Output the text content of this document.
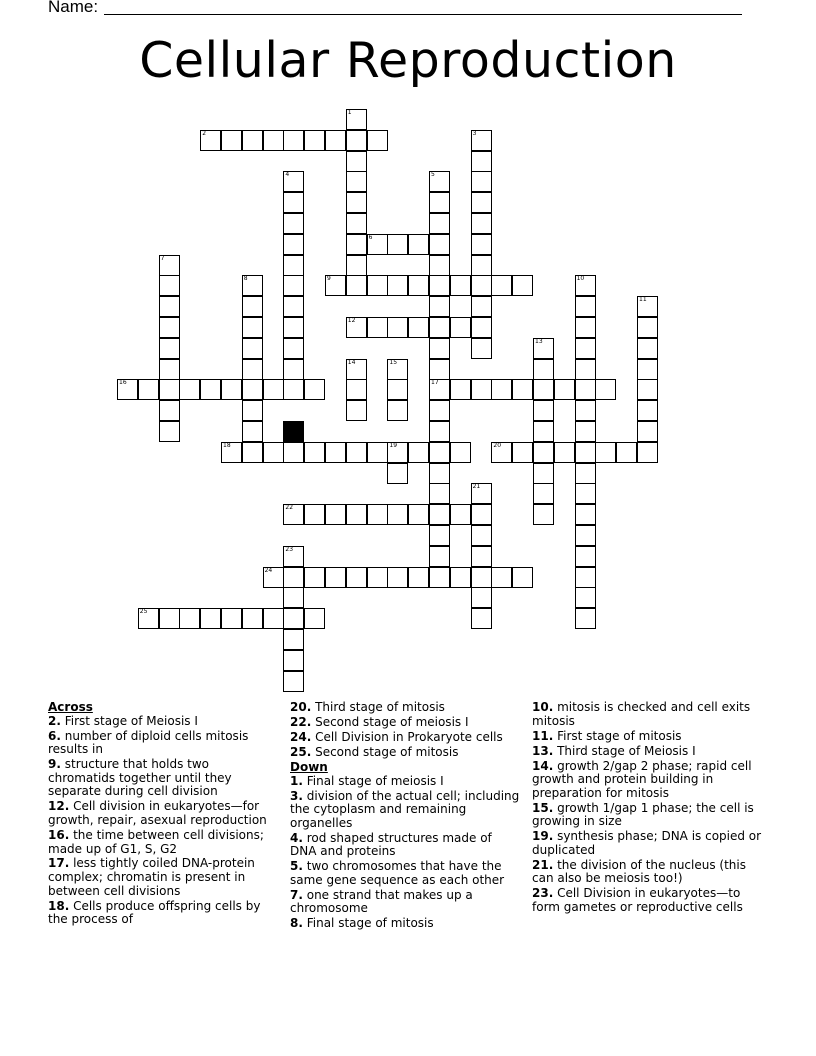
Name:
Cellular Reproduction
2
6
9
12
16	17
18	19	20
22
24
25
1
3
4	5
7
8	10
11
13
14	15
21
23
Across
2. First stage of Meiosis I
6. number of diploid cells mitosis results in
9. structure that holds two chromatids together until they separate during cell division
12. Cell division in eukaryotes—for growth, repair, asexual reproduction
16. the time between cell divisions; made up of G1, S, G2
17. less tightly coiled DNA-protein complex; chromatin is present in between cell divisions
18. Cells produce offspring cells by the process of
20. Third stage of mitosis
22. Second stage of meiosis I
24. Cell Division in Prokaryote cells
25. Second stage of mitosis
Down
1. Final stage of meiosis I
3. division of the actual cell; including the cytoplasm and remaining organelles
4. rod shaped structures made of DNA and proteins
5. two chromosomes that have the same gene sequence as each other
7. one strand that makes up a chromosome
8. Final stage of mitosis
10. mitosis is checked and cell exits mitosis
11. First stage of mitosis
13. Third stage of Meiosis I
14. growth 2/gap 2 phase; rapid cell growth and protein building in preparation for mitosis
15. growth 1/gap 1 phase; the cell is growing in size
19. synthesis phase; DNA is copied or duplicated
21. the division of the nucleus (this can also be meiosis too!)
23. Cell Division in eukaryotes—to form gametes or reproductive cells
